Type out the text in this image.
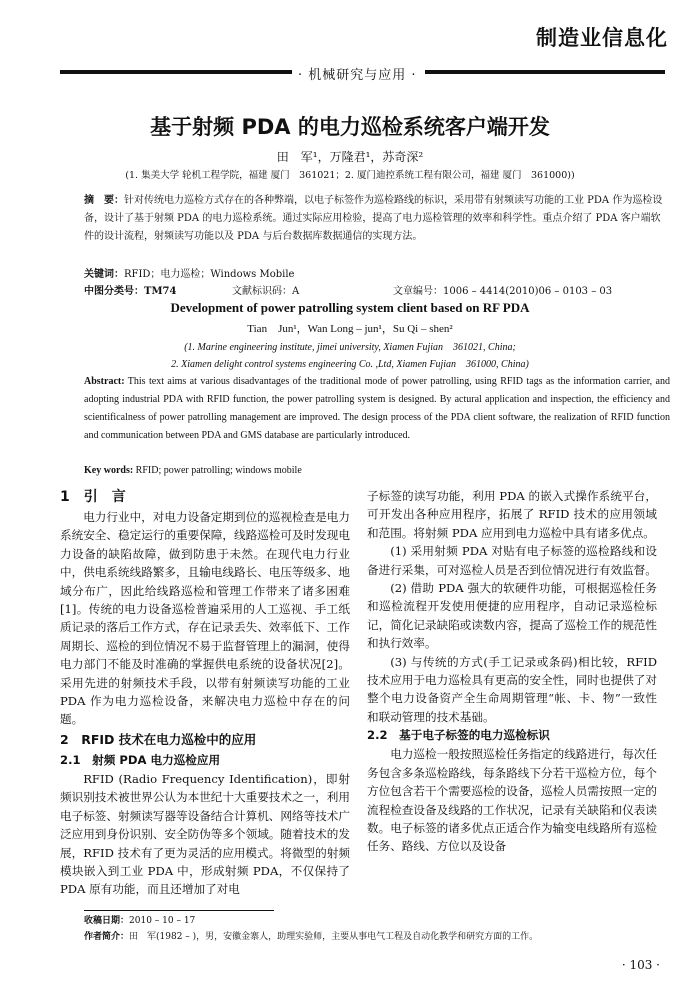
制造业信息化
· 机械研究与应用 ·
基于射频 PDA 的电力巡检系统客户端开发
田　军¹，万隆君¹，苏奇深²
(1. 集美大学 轮机工程学院，福建 厦门　361021；2. 厦门迪控系统工程有限公司，福建 厦门　361000))
摘　要：针对传统电力巡检方式存在的各种弊端，以电子标签作为巡检路线的标识，采用带有射频读写功能的工业 PDA 作为巡检设备，设计了基于射频 PDA 的电力巡检系统。通过实际应用检验，提高了电力巡检管理的效率和科学性。重点介绍了 PDA 客户端软件的设计流程，射频读写功能以及 PDA 与后台数据库数据通信的实现方法。
关键词：RFID；电力巡检；Windows Mobile
中图分类号：TM74	文献标识码：A	文章编号：1006 – 4414(2010)06 – 0103 – 03
Development of power patrolling system client based on RF PDA
Tian　Jun¹，Wan Long – jun¹，Su Qi – shen²
(1. Marine engineering institute, jimei university, Xiamen Fujian　361021, China;
2. Xiamen delight control systems engineering Co. ,Ltd, Xiamen Fujian　361000, China)
Abstract: This text aims at various disadvantages of the traditional mode of power patrolling, using RFID tags as the information carrier, and adopting industrial PDA with RFID function, the power patrolling system is designed. By actural application and inspection, the efficiency and scientificalness of power patrolling management are improved. The design process of the PDA client software, the realization of RFID function and communication between PDA and GMS database are particularly introduced.
Key words: RFID; power patrolling; windows mobile
1　引　言

电力行业中，对电力设备定期到位的巡视检查是电力系统安全、稳定运行的重要保障，线路巡检可及时发现电力设备的缺陷故障，做到防患于未然。在现代电力行业中，供电系统线路繁多，且输电线路长、电压等级多、地域分布广，因此给线路巡检和管理工作带来了诸多困难[1]。传统的电力设备巡检普遍采用的人工巡视、手工纸质记录的落后工作方式，存在记录丢失、效率低下、工作周期长、巡检的到位情况不易于监督管理上的漏洞，使得电力部门不能及时准确的掌握供电系统的设备状况[2]。采用先进的射频技术手段，以带有射频读写功能的工业 PDA 作为电力巡检设备，来解决电力巡检中存在的问题。

2　RFID 技术在电力巡检中的应用
2.1　射频 PDA 电力巡检应用

RFID (Radio Frequency Identification)，即射频识别技术被世界公认为本世纪十大重要技术之一，利用电子标签、射频读写器等设备结合计算机、网络等技术广泛应用到身份识别、安全防伪等多个领域。随着技术的发展，RFID 技术有了更为灵活的应用模式。将微型的射频模块嵌入到工业 PDA 中，形成射频 PDA，不仅保持了 PDA 原有功能，而且还增加了对电

子标签的读写功能，利用 PDA 的嵌入式操作系统平台，可开发出各种应用程序，拓展了 RFID 技术的应用领域和范围。将射频 PDA 应用到电力巡检中具有诸多优点。

(1) 采用射频 PDA 对贴有电子标签的巡检路线和设备进行采集，可对巡检人员是否到位情况进行有效监督。

(2) 借助 PDA 强大的软硬件功能，可根据巡检任务和巡检流程开发使用便捷的应用程序，自动记录巡检标记，简化记录缺陷或读数内容，提高了巡检工作的规范性和执行效率。

(3) 与传统的方式(手工记录或条码)相比较，RFID 技术应用于电力巡检具有更高的安全性，同时也提供了对整个电力设备资产全生命周期管理“帐、卡、物”一致性和联动管理的技术基础。

2.2　基于电子标签的电力巡检标识

电力巡检一般按照巡检任务指定的线路进行，每次任务包含多条巡检路线，每条路线下分若干巡检方位，每个方位包含若干个需要巡检的设备，巡检人员需按照一定的流程检查设备及线路的工作状况，记录有关缺陷和仪表读数。电子标签的诸多优点正适合作为输变电线路所有巡检任务、路线、方位以及设备

收稿日期：2010 – 10 – 17
作者简介：田　军(1982 – )，男，安徽金寨人，助理实验师，主要从事电气工程及自动化教学和研究方面的工作。
· 103 ·
